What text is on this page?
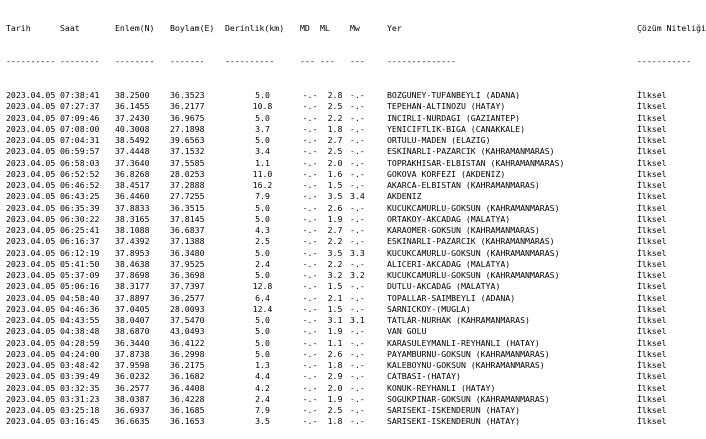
Tarih	Saat	Enlem(N) Boylam(E) Derinlik(km) MD ML Mw	Yer	Çözüm Niteliği

---------- -------- -------- ------- ----------	--- --- ---	--------------	-----------

2023.04.05 07:38:41 38.2500 36.3523	5.0	-.- 2.8 -.-	BOZGUNEY-TUFANBEYLI (ADANA)	İlksel
2023.04.05 07:27:37 36.1455 36.2177	10.8	-.- 2.5 -.-	TEPEHAN-ALTINOZU (HATAY)	İlksel
2023.04.05 07:09:46 37.2430 36.9675	5.0	-.- 2.2 -.-	INCIRLI-NURDAGI (GAZIANTEP)	İlksel
2023.04.05 07:08:00 40.3008 27.1898	3.7	-.- 1.8 -.-	YENICIFTLIK-BIGA (CANAKKALE)	İlksel
2023.04.05 07:04:31 38.5492 39.6563	5.0	-.- 2.7 -.-	ORTULU-MADEN (ELAZIG)	İlksel
2023.04.05 06:59:57 37.4448 37.1532	3.4	-.- 2.5 -.-	ESKINARLI-PAZARCIK (KAHRAMANMARAS)	İlksel
2023.04.05 06:58:03 37.3640 37.5585	1.1	-.- 2.0 -.-	TOPRAKHISAR-ELBISTAN (KAHRAMANMARAS)	İlksel
2023.04.05 06:52:52 36.8268 28.0253	11.0	-.- 1.6 -.-	GOKOVA KORFEZI (AKDENIZ)	İlksel
2023.04.05 06:46:52 38.4517 37.2888	16.2	-.- 1.5 -.-	AKARCA-ELBISTAN (KAHRAMANMARAS)	İlksel
2023.04.05 06:43:25 36.4460 27.7255	7.9	-.- 3.5 3.4	AKDENIZ	İlksel
2023.04.05 06:35:39 37.8833 36.3515	5.0	-.- 2.6 -.-	KUCUKCAMURLU-GOKSUN (KAHRAMANMARAS)	İlksel
2023.04.05 06:30:22 38.3165 37.8145	5.0	-.- 1.9 -.-	ORTAKOY-AKCADAG (MALATYA)	İlksel
2023.04.05 06:25:41 38.1088 36.6837	4.3	-.- 2.7 -.-	KARAOMER-GOKSUN (KAHRAMANMARAS)	İlksel
2023.04.05 06:16:37 37.4392 37.1388	2.5	-.- 2.2 -.-	ESKINARLI-PAZARCIK (KAHRAMANMARAS)	İlksel
2023.04.05 06:12:19 37.8953 36.3480	5.0	-.- 3.5 3.3	KUCUKCAMURLU-GOKSUN (KAHRAMANMARAS)	İlksel
2023.04.05 05:41:50 38.4638 37.9525	2.4	-.- 2.2 -.-	ALICERI-AKCADAG (MALATYA)	İlksel
2023.04.05 05:37:09 37.8698 36.3698	5.0	-.- 3.2 3.2	KUCUKCAMURLU-GOKSUN (KAHRAMANMARAS)	İlksel
2023.04.05 05:06:16 38.3177 37.7397	12.8	-.- 1.5 -.-	DUTLU-AKCADAG (MALATYA)	İlksel
2023.04.05 04:58:40 37.8897 36.2577	6.4	-.- 2.1 -.-	TOPALLAR-SAIMBEYLI (ADANA)	İlksel
2023.04.05 04:46:36 37.0405 28.0093	12.4	-.- 1.5 -.-	SARNICKOY-(MUGLA)	İlksel
2023.04.05 04:43:55 38.0407 37.5470	5.0	-.- 3.1 3.1	TATLAR-NURHAK (KAHRAMANMARAS)	İlksel
2023.04.05 04:38:48 38.6870 43.0493	5.0	-.- 1.9 -.-	VAN GOLU	İlksel
2023.04.05 04:28:59 36.3440 36.4122	5.0	-.- 1.1 -.-	KARASULEYMANLI-REYHANLI (HATAY)	İlksel
2023.04.05 04:24:00 37.8738 36.2998	5.0	-.- 2.6 -.-	PAYAMBURNU-GOKSUN (KAHRAMANMARAS)	İlksel
2023.04.05 03:48:42 37.9598 36.2175	1.3	-.- 1.8 -.-	KALEBOYNU-GOKSUN (KAHRAMANMARAS)	İlksel
2023.04.05 03:39:49 36.0232 36.1682	4.4	-.- 2.9 -.-	CATBASI-(HATAY)	İlksel
2023.04.05 03:32:35 36.2577 36.4408	4.2	-.- 2.0 -.-	KONUK-REYHANLI (HATAY)	İlksel
2023.04.05 03:31:23 38.0387 36.4228	2.4	-.- 1.9 -.-	SOGUKPINAR-GOKSUN (KAHRAMANMARAS)	İlksel
2023.04.05 03:25:18 36.6937 36.1685	7.9	-.- 2.5 -.-	SARISEKI-ISKENDERUN (HATAY)	İlksel
2023.04.05 03:16:45 36.6635 36.1653	3.5	-.- 1.8 -.-	SARISEKI-ISKENDERUN (HATAY)	İlksel
